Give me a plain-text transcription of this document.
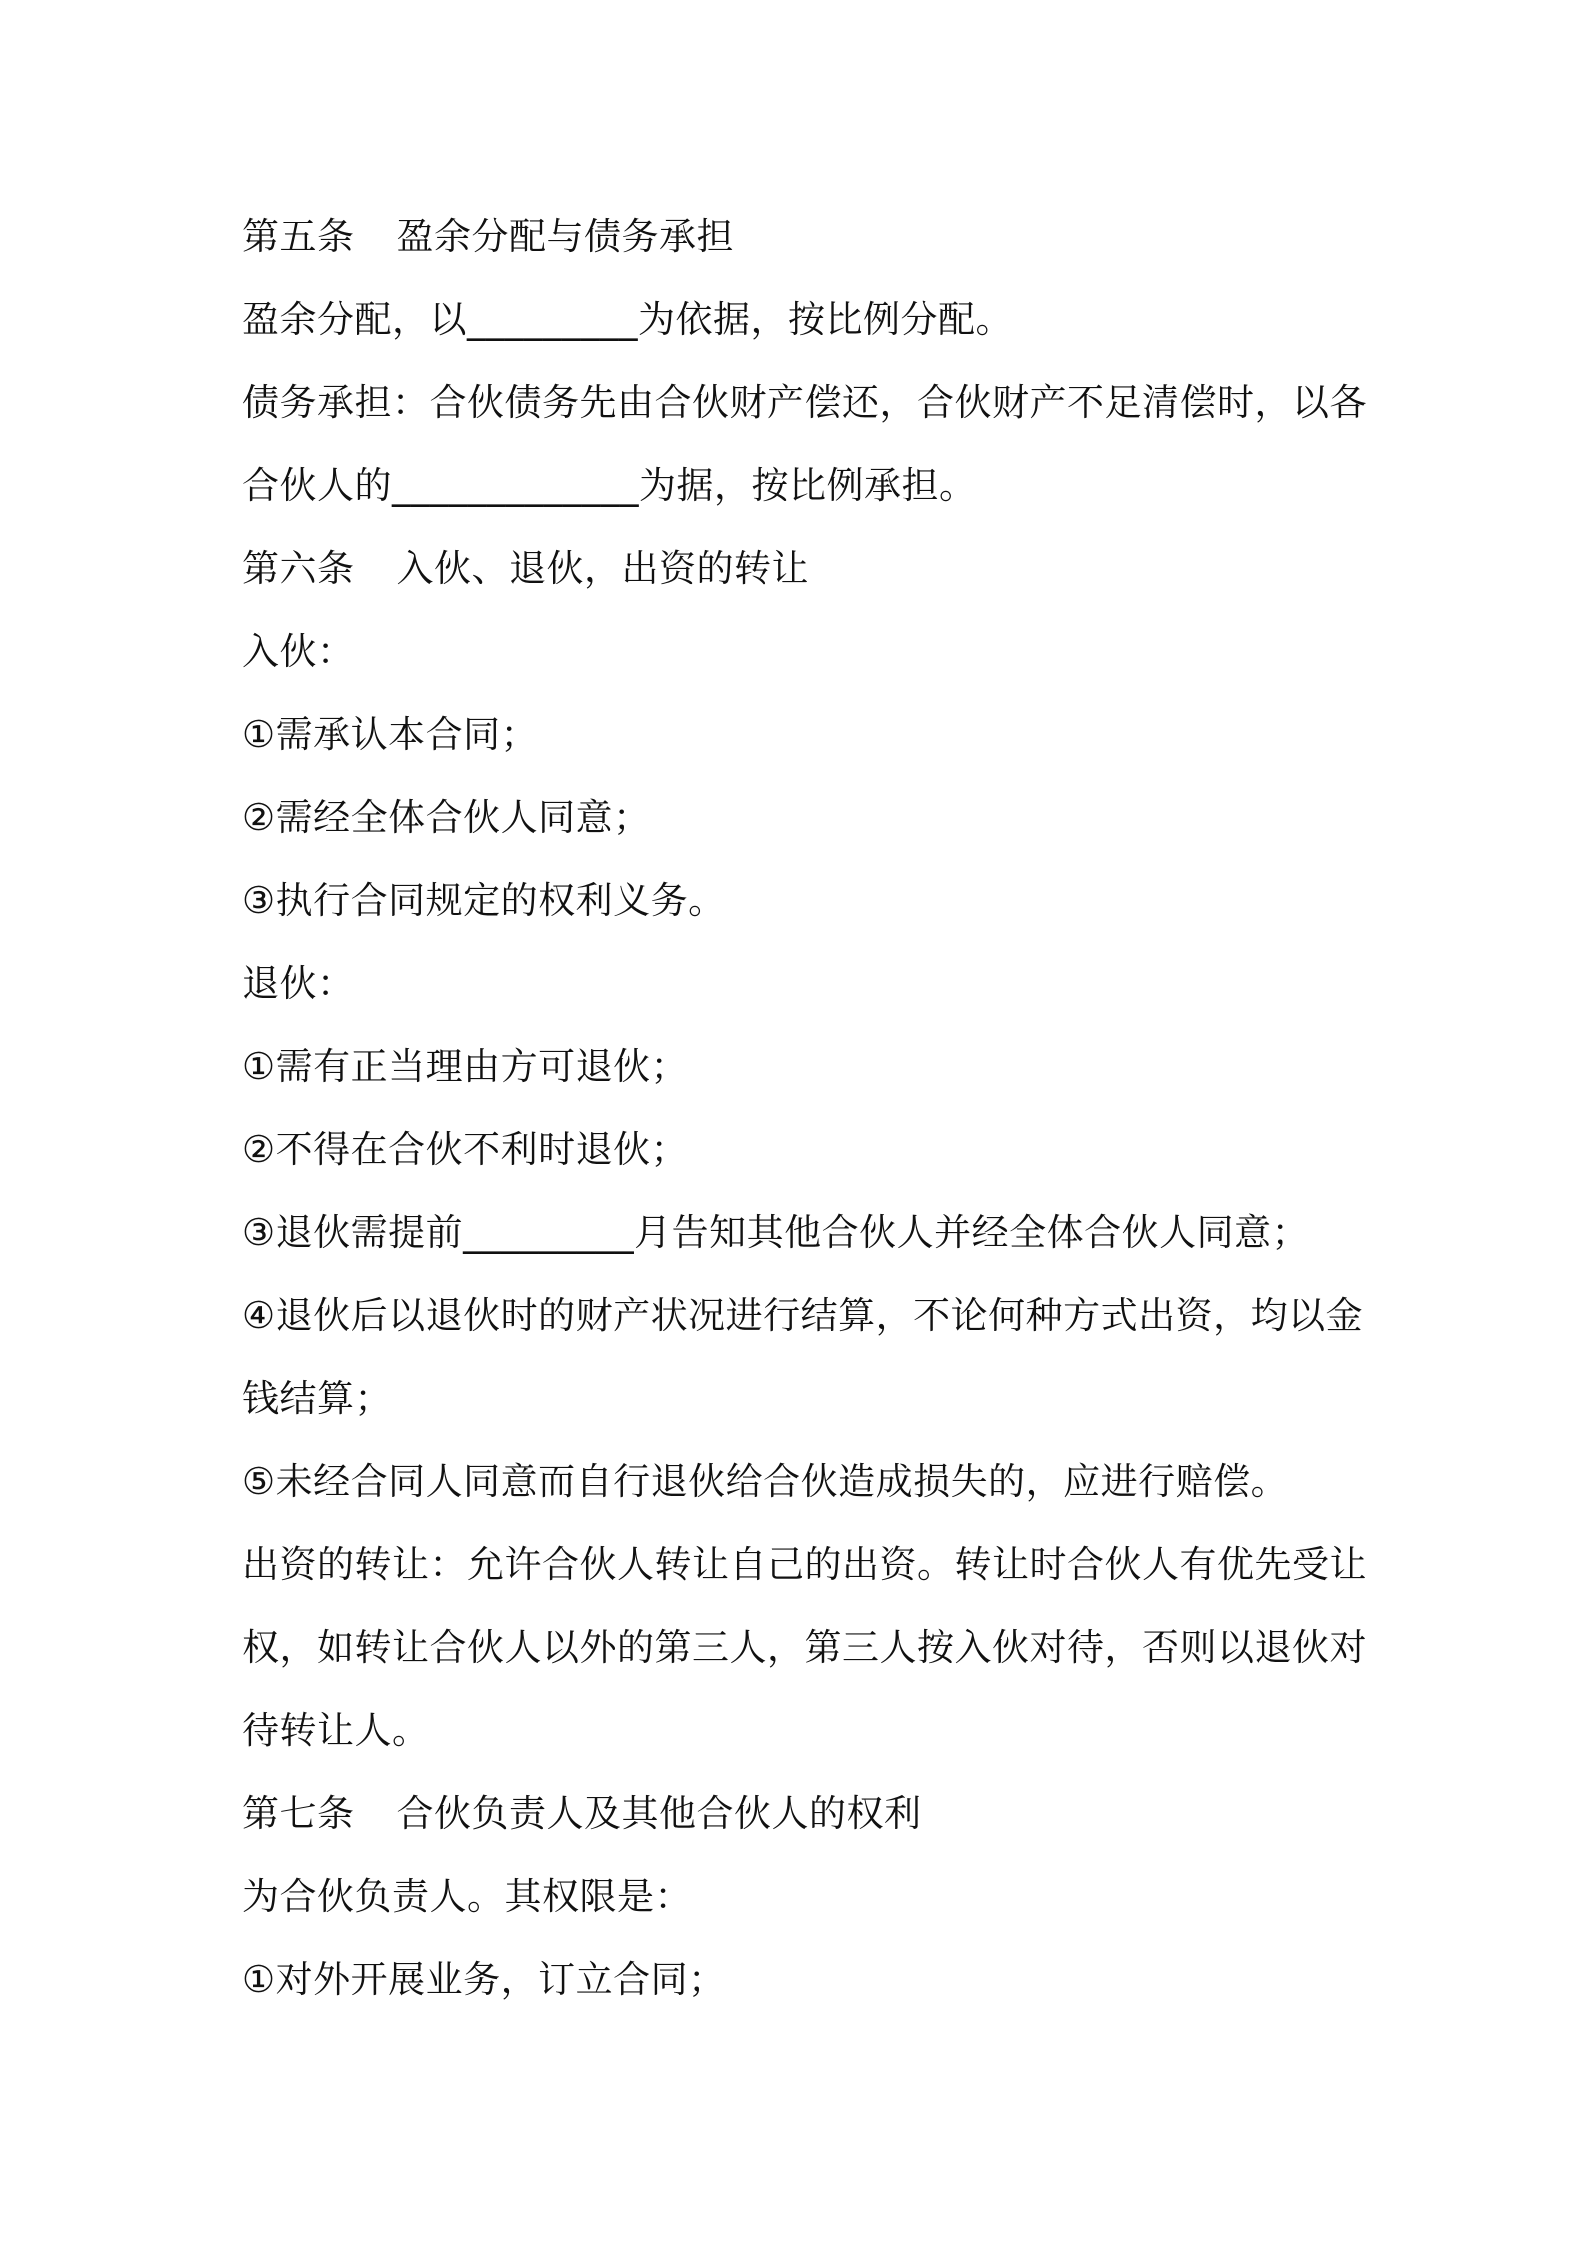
第五条 盈余分配与债务承担
盈余分配，以_________为依据，按比例分配。
债务承担：合伙债务先由合伙财产偿还，合伙财产不足清偿时，以各
合伙人的_____________为据，按比例承担。
第六条 入伙、退伙，出资的转让
入伙：
①需承认本合同；
②需经全体合伙人同意；
③执行合同规定的权利义务。
退伙：
①需有正当理由方可退伙；
②不得在合伙不利时退伙；
③退伙需提前_________月告知其他合伙人并经全体合伙人同意；
④退伙后以退伙时的财产状况进行结算，不论何种方式出资，均以金
钱结算；
⑤未经合同人同意而自行退伙给合伙造成损失的，应进行赔偿。
出资的转让：允许合伙人转让自己的出资。转让时合伙人有优先受让
权，如转让合伙人以外的第三人，第三人按入伙对待，否则以退伙对
待转让人。
第七条 合伙负责人及其他合伙人的权利
为合伙负责人。其权限是：
①对外开展业务，订立合同；
